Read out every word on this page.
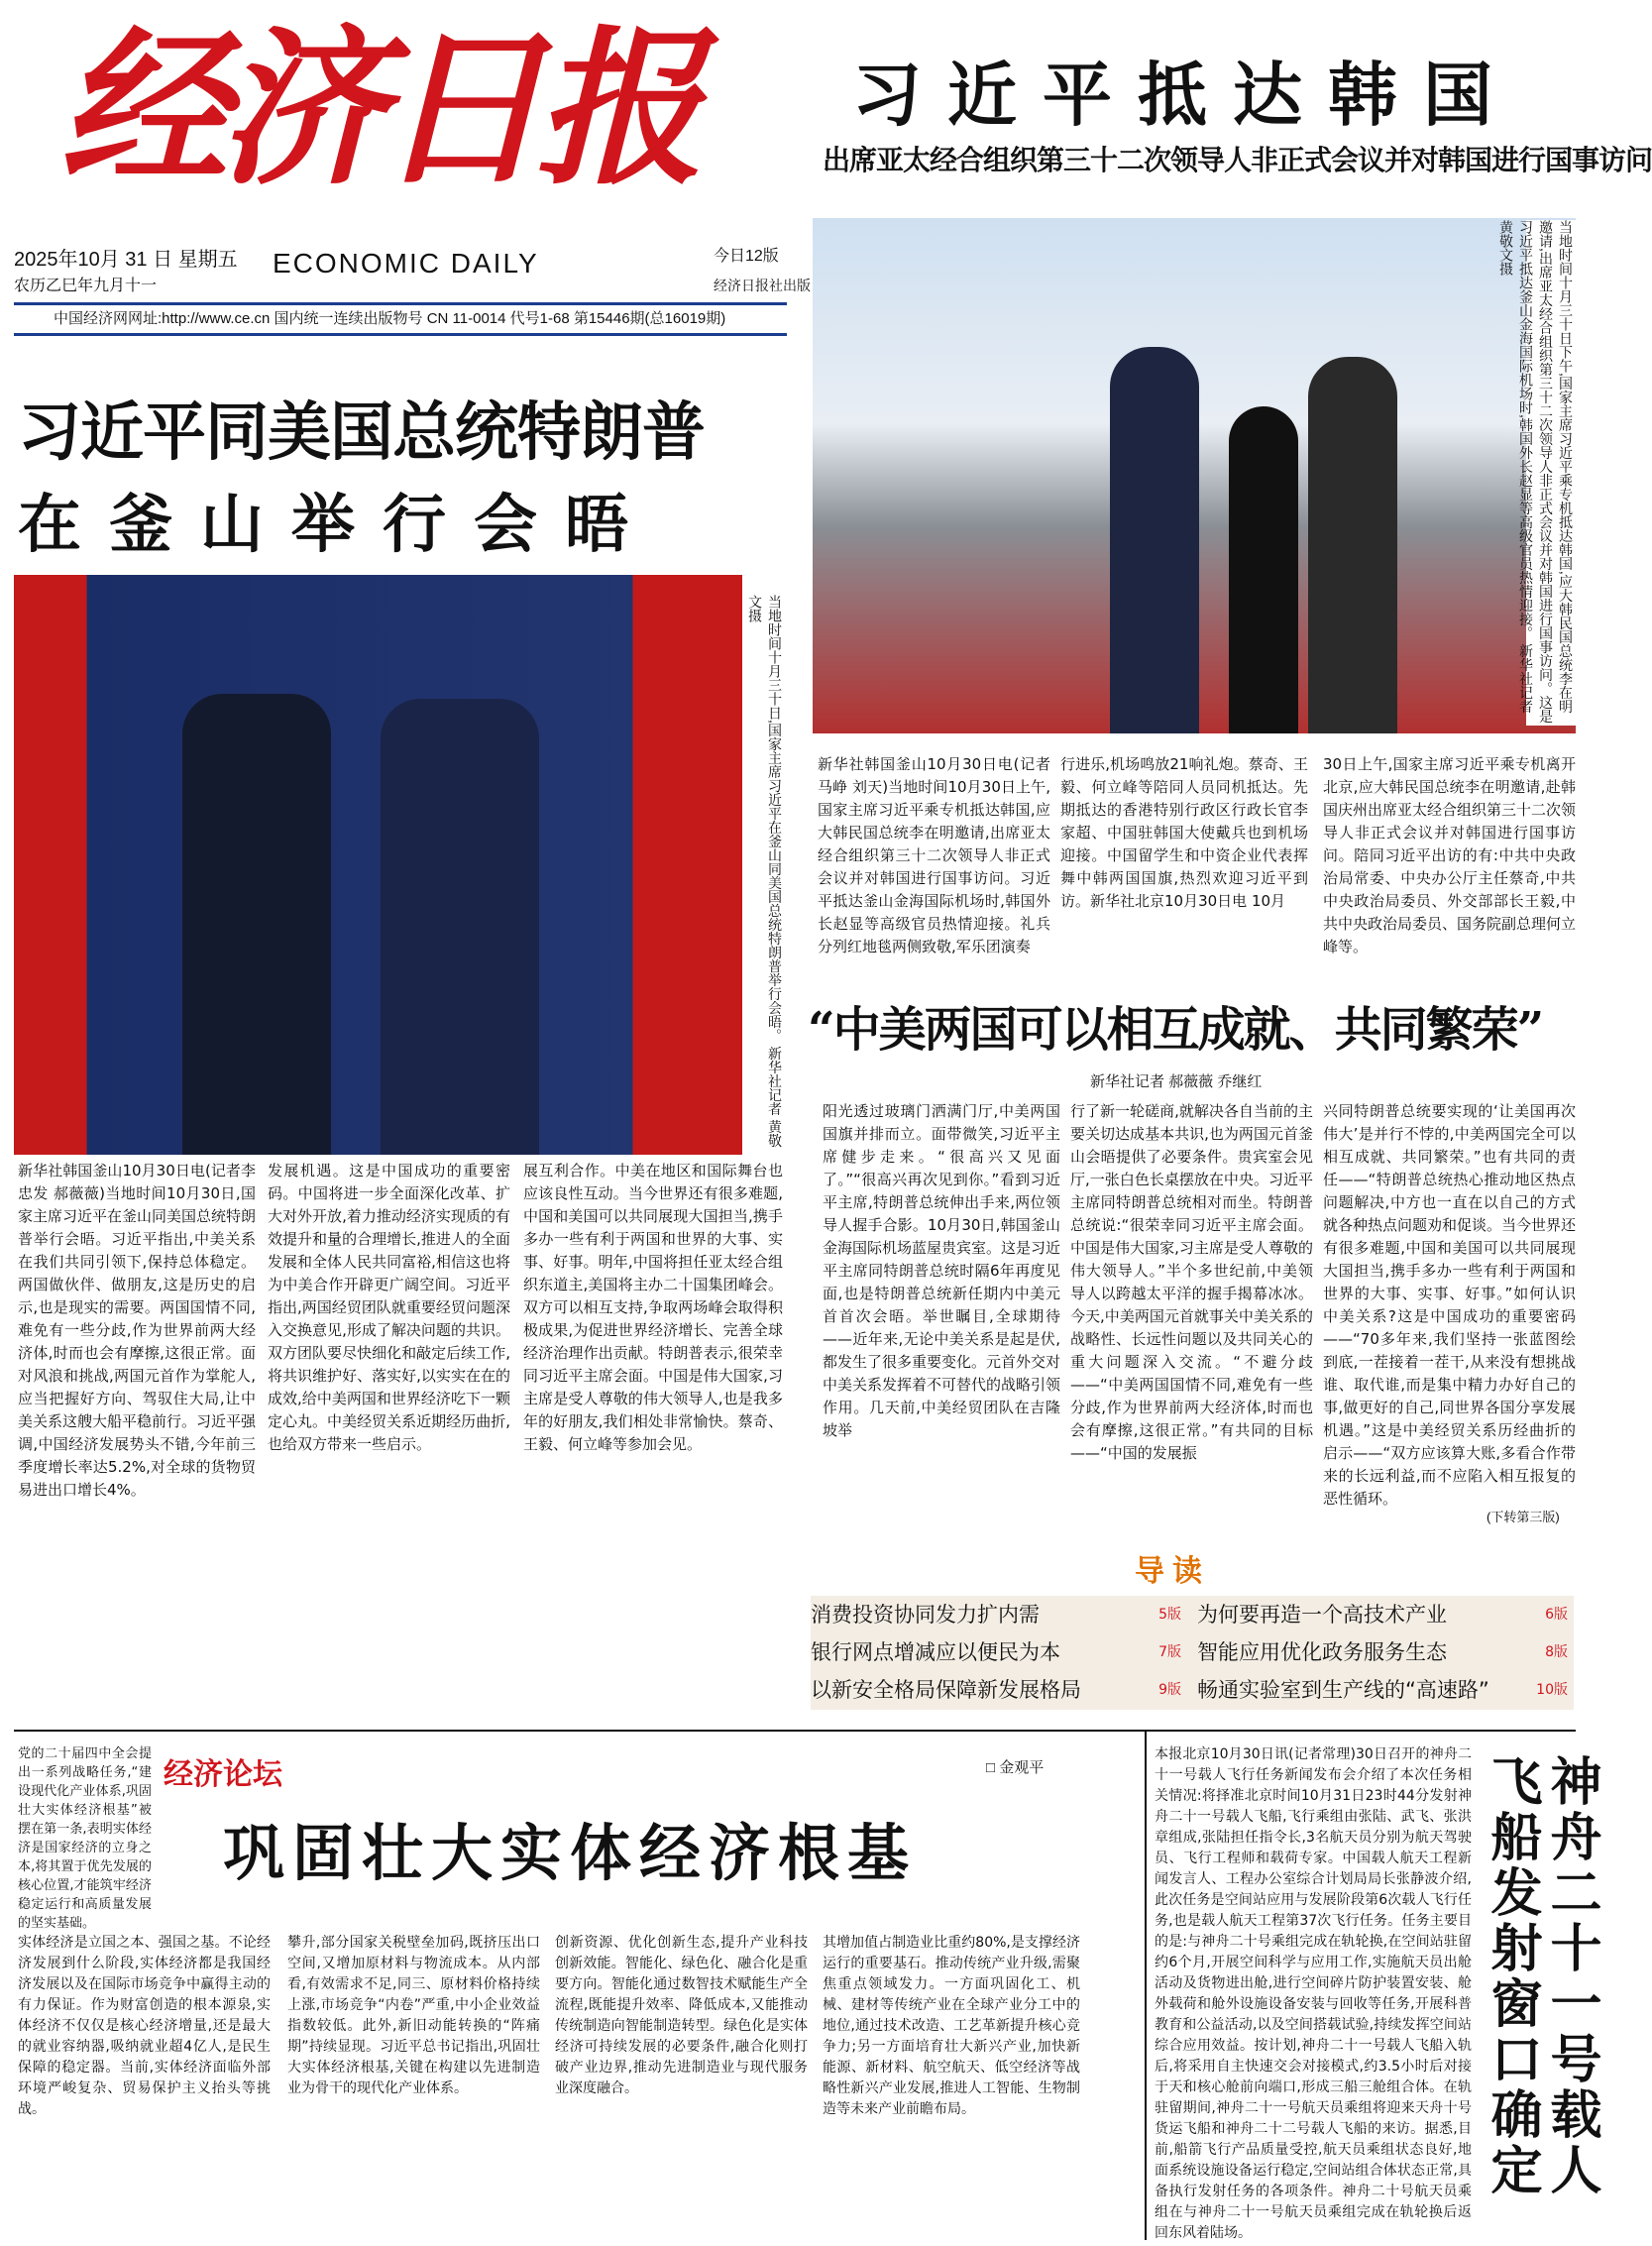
经济日报
2025年10月 31 日 星期五
农历乙巳年九月十一
ECONOMIC DAILY	今日12版
经济日报社出版
中国经济网网址:http://www.ce.cn 国内统一连续出版物号 CN 11-0014 代号1-68 第15446期(总16019期)
习近平抵达韩国
出席亚太经合组织第三十二次领导人非正式会议并对韩国进行国事访问
当地时间十月三十日下午,国家主席习近平乘专机抵达韩国,应大韩民国总统李在明邀请,出席亚太经合组织第三十二次领导人非正式会议并对韩国进行国事访问。这是习近平抵达釜山金海国际机场时,韩国外长赵显等高级官员热情迎接。 新华社记者 黄敬文摄
新华社韩国釜山10月30日电(记者马峥 刘天)当地时间10月30日上午,国家主席习近平乘专机抵达韩国,应大韩民国总统李在明邀请,出席亚太经合组织第三十二次领导人非正式会议并对韩国进行国事访问。习近平抵达釜山金海国际机场时,韩国外长赵显等高级官员热情迎接。礼兵分列红地毯两侧致敬,军乐团演奏
行进乐,机场鸣放21响礼炮。蔡奇、王毅、何立峰等陪同人员同机抵达。先期抵达的香港特别行政区行政长官李家超、中国驻韩国大使戴兵也到机场迎接。中国留学生和中资企业代表挥舞中韩两国国旗,热烈欢迎习近平到访。新华社北京10月30日电 10月
30日上午,国家主席习近平乘专机离开北京,应大韩民国总统李在明邀请,赴韩国庆州出席亚太经合组织第三十二次领导人非正式会议并对韩国进行国事访问。陪同习近平出访的有:中共中央政治局常委、中央办公厅主任蔡奇,中共中央政治局委员、外交部部长王毅,中共中央政治局委员、国务院副总理何立峰等。
习近平同美国总统特朗普
在釜山举行会晤
当地时间十月三十日,国家主席习近平在釜山同美国总统特朗普举行会晤。 新华社记者 黄敬文摄
新华社韩国釜山10月30日电(记者李忠发 郝薇薇)当地时间10月30日,国家主席习近平在釜山同美国总统特朗普举行会晤。习近平指出,中美关系在我们共同引领下,保持总体稳定。两国做伙伴、做朋友,这是历史的启示,也是现实的需要。两国国情不同,难免有一些分歧,作为世界前两大经济体,时而也会有摩擦,这很正常。面对风浪和挑战,两国元首作为掌舵人,应当把握好方向、驾驭住大局,让中美关系这艘大船平稳前行。习近平强调,中国经济发展势头不错,今年前三季度增长率达5.2%,对全球的货物贸易进出口增长4%。
发展机遇。这是中国成功的重要密码。中国将进一步全面深化改革、扩大对外开放,着力推动经济实现质的有效提升和量的合理增长,推进人的全面发展和全体人民共同富裕,相信这也将为中美合作开辟更广阔空间。习近平指出,两国经贸团队就重要经贸问题深入交换意见,形成了解决问题的共识。双方团队要尽快细化和敲定后续工作,将共识维护好、落实好,以实实在在的成效,给中美两国和世界经济吃下一颗定心丸。中美经贸关系近期经历曲折,也给双方带来一些启示。
展互利合作。中美在地区和国际舞台也应该良性互动。当今世界还有很多难题,中国和美国可以共同展现大国担当,携手多办一些有利于两国和世界的大事、实事、好事。明年,中国将担任亚太经合组织东道主,美国将主办二十国集团峰会。双方可以相互支持,争取两场峰会取得积极成果,为促进世界经济增长、完善全球经济治理作出贡献。特朗普表示,很荣幸同习近平主席会面。中国是伟大国家,习主席是受人尊敬的伟大领导人,也是我多年的好朋友,我们相处非常愉快。蔡奇、王毅、何立峰等参加会见。
“中美两国可以相互成就、共同繁荣”
新华社记者 郝薇薇 乔继红
阳光透过玻璃门洒满门厅,中美两国国旗并排而立。面带微笑,习近平主席健步走来。“很高兴又见面了。”“很高兴再次见到你。”看到习近平主席,特朗普总统伸出手来,两位领导人握手合影。10月30日,韩国釜山金海国际机场蓝屋贵宾室。这是习近平主席同特朗普总统时隔6年再度见面,也是特朗普总统新任期内中美元首首次会晤。举世瞩目,全球期待——近年来,无论中美关系是起是伏,都发生了很多重要变化。元首外交对中美关系发挥着不可替代的战略引领作用。几天前,中美经贸团队在吉隆坡举
行了新一轮磋商,就解决各自当前的主要关切达成基本共识,也为两国元首釜山会晤提供了必要条件。贵宾室会见厅,一张白色长桌摆放在中央。习近平主席同特朗普总统相对而坐。特朗普总统说:“很荣幸同习近平主席会面。中国是伟大国家,习主席是受人尊敬的伟大领导人。”半个多世纪前,中美领导人以跨越太平洋的握手揭幕冰冰。今天,中美两国元首就事关中美关系的战略性、长远性问题以及共同关心的重大问题深入交流。“不避分歧——“中美两国国情不同,难免有一些分歧,作为世界前两大经济体,时而也会有摩擦,这很正常。”有共同的目标——“中国的发展振
兴同特朗普总统要实现的‘让美国再次伟大’是并行不悖的,中美两国完全可以相互成就、共同繁荣。”也有共同的责任——“特朗普总统热心推动地区热点问题解决,中方也一直在以自己的方式就各种热点问题劝和促谈。当今世界还有很多难题,中国和美国可以共同展现大国担当,携手多办一些有利于两国和世界的大事、实事、好事。”如何认识中美关系?这是中国成功的重要密码——“70多年来,我们坚持一张蓝图绘到底,一茬接着一茬干,从来没有想挑战谁、取代谁,而是集中精力办好自己的事,做更好的自己,同世界各国分享发展机遇。”这是中美经贸关系历经曲折的启示——“双方应该算大账,多看合作带来的长远利益,而不应陷入相互报复的恶性循环。
(下转第三版)
导读
消费投资协同发力扩内需	5版 为何要再造一个高技术产业	6版
银行网点增减应以便民为本	7版 智能应用优化政务服务生态	8版
以新安全格局保障新发展格局	9版 畅通实验室到生产线的“高速路”	10版
经济论坛	□ 金观平
巩固壮大实体经济根基
党的二十届四中全会提出一系列战略任务,“建设现代化产业体系,巩固壮大实体经济根基”被摆在第一条,表明实体经济是国家经济的立身之本,将其置于优先发展的核心位置,才能筑牢经济稳定运行和高质量发展的坚实基础。
实体经济是立国之本、强国之基。不论经济发展到什么阶段,实体经济都是我国经济发展以及在国际市场竞争中赢得主动的有力保证。作为财富创造的根本源泉,实体经济不仅仅是核心经济增量,还是最大的就业容纳器,吸纳就业超4亿人,是民生保障的稳定器。当前,实体经济面临外部环境严峻复杂、贸易保护主义抬头等挑战。
攀升,部分国家关税壁垒加码,既挤压出口空间,又增加原材料与物流成本。从内部看,有效需求不足,同三、原材料价格持续上涨,市场竞争“内卷”严重,中小企业效益指数较低。此外,新旧动能转换的“阵痛期”持续显现。习近平总书记指出,巩固壮大实体经济根基,关键在构建以先进制造业为骨干的现代化产业体系。
创新资源、优化创新生态,提升产业科技创新效能。智能化、绿色化、融合化是重要方向。智能化通过数智技术赋能生产全流程,既能提升效率、降低成本,又能推动传统制造向智能制造转型。绿色化是实体经济可持续发展的必要条件,融合化则打破产业边界,推动先进制造业与现代服务业深度融合。
其增加值占制造业比重约80%,是支撑经济运行的重要基石。推动传统产业升级,需聚焦重点领域发力。一方面巩固化工、机械、建材等传统产业在全球产业分工中的地位,通过技术改造、工艺革新提升核心竞争力;另一方面培育壮大新兴产业,加快新能源、新材料、航空航天、低空经济等战略性新兴产业发展,推进人工智能、生物制造等未来产业前瞻布局。
本报北京10月30日讯(记者常理)30日召开的神舟二十一号载人飞行任务新闻发布会介绍了本次任务相关情况:将择准北京时间10月31日23时44分发射神舟二十一号载人飞船,飞行乘组由张陆、武飞、张洪章组成,张陆担任指令长,3名航天员分别为航天驾驶员、飞行工程师和载荷专家。中国载人航天工程新闻发言人、工程办公室综合计划局局长张静波介绍,此次任务是空间站应用与发展阶段第6次载人飞行任务,也是载人航天工程第37次飞行任务。任务主要目的是:与神舟二十号乘组完成在轨轮换,在空间站驻留约6个月,开展空间科学与应用工作,实施航天员出舱活动及货物进出舱,进行空间碎片防护装置安装、舱外载荷和舱外设施设备安装与回收等任务,开展科普教育和公益活动,以及空间搭载试验,持续发挥空间站综合应用效益。按计划,神舟二十一号载人飞船入轨后,将采用自主快速交会对接模式,约3.5小时后对接于天和核心舱前向端口,形成三船三舱组合体。在轨驻留期间,神舟二十一号航天员乘组将迎来天舟十号货运飞船和神舟二十二号载人飞船的来访。据悉,目前,船箭飞行产品质量受控,航天员乘组状态良好,地面系统设施设备运行稳定,空间站组合体状态正常,具备执行发射任务的各项条件。神舟二十号航天员乘组在与神舟二十一号航天员乘组完成在轨轮换后返回东风着陆场。
神舟二十一号载人飞船发射窗口确定
